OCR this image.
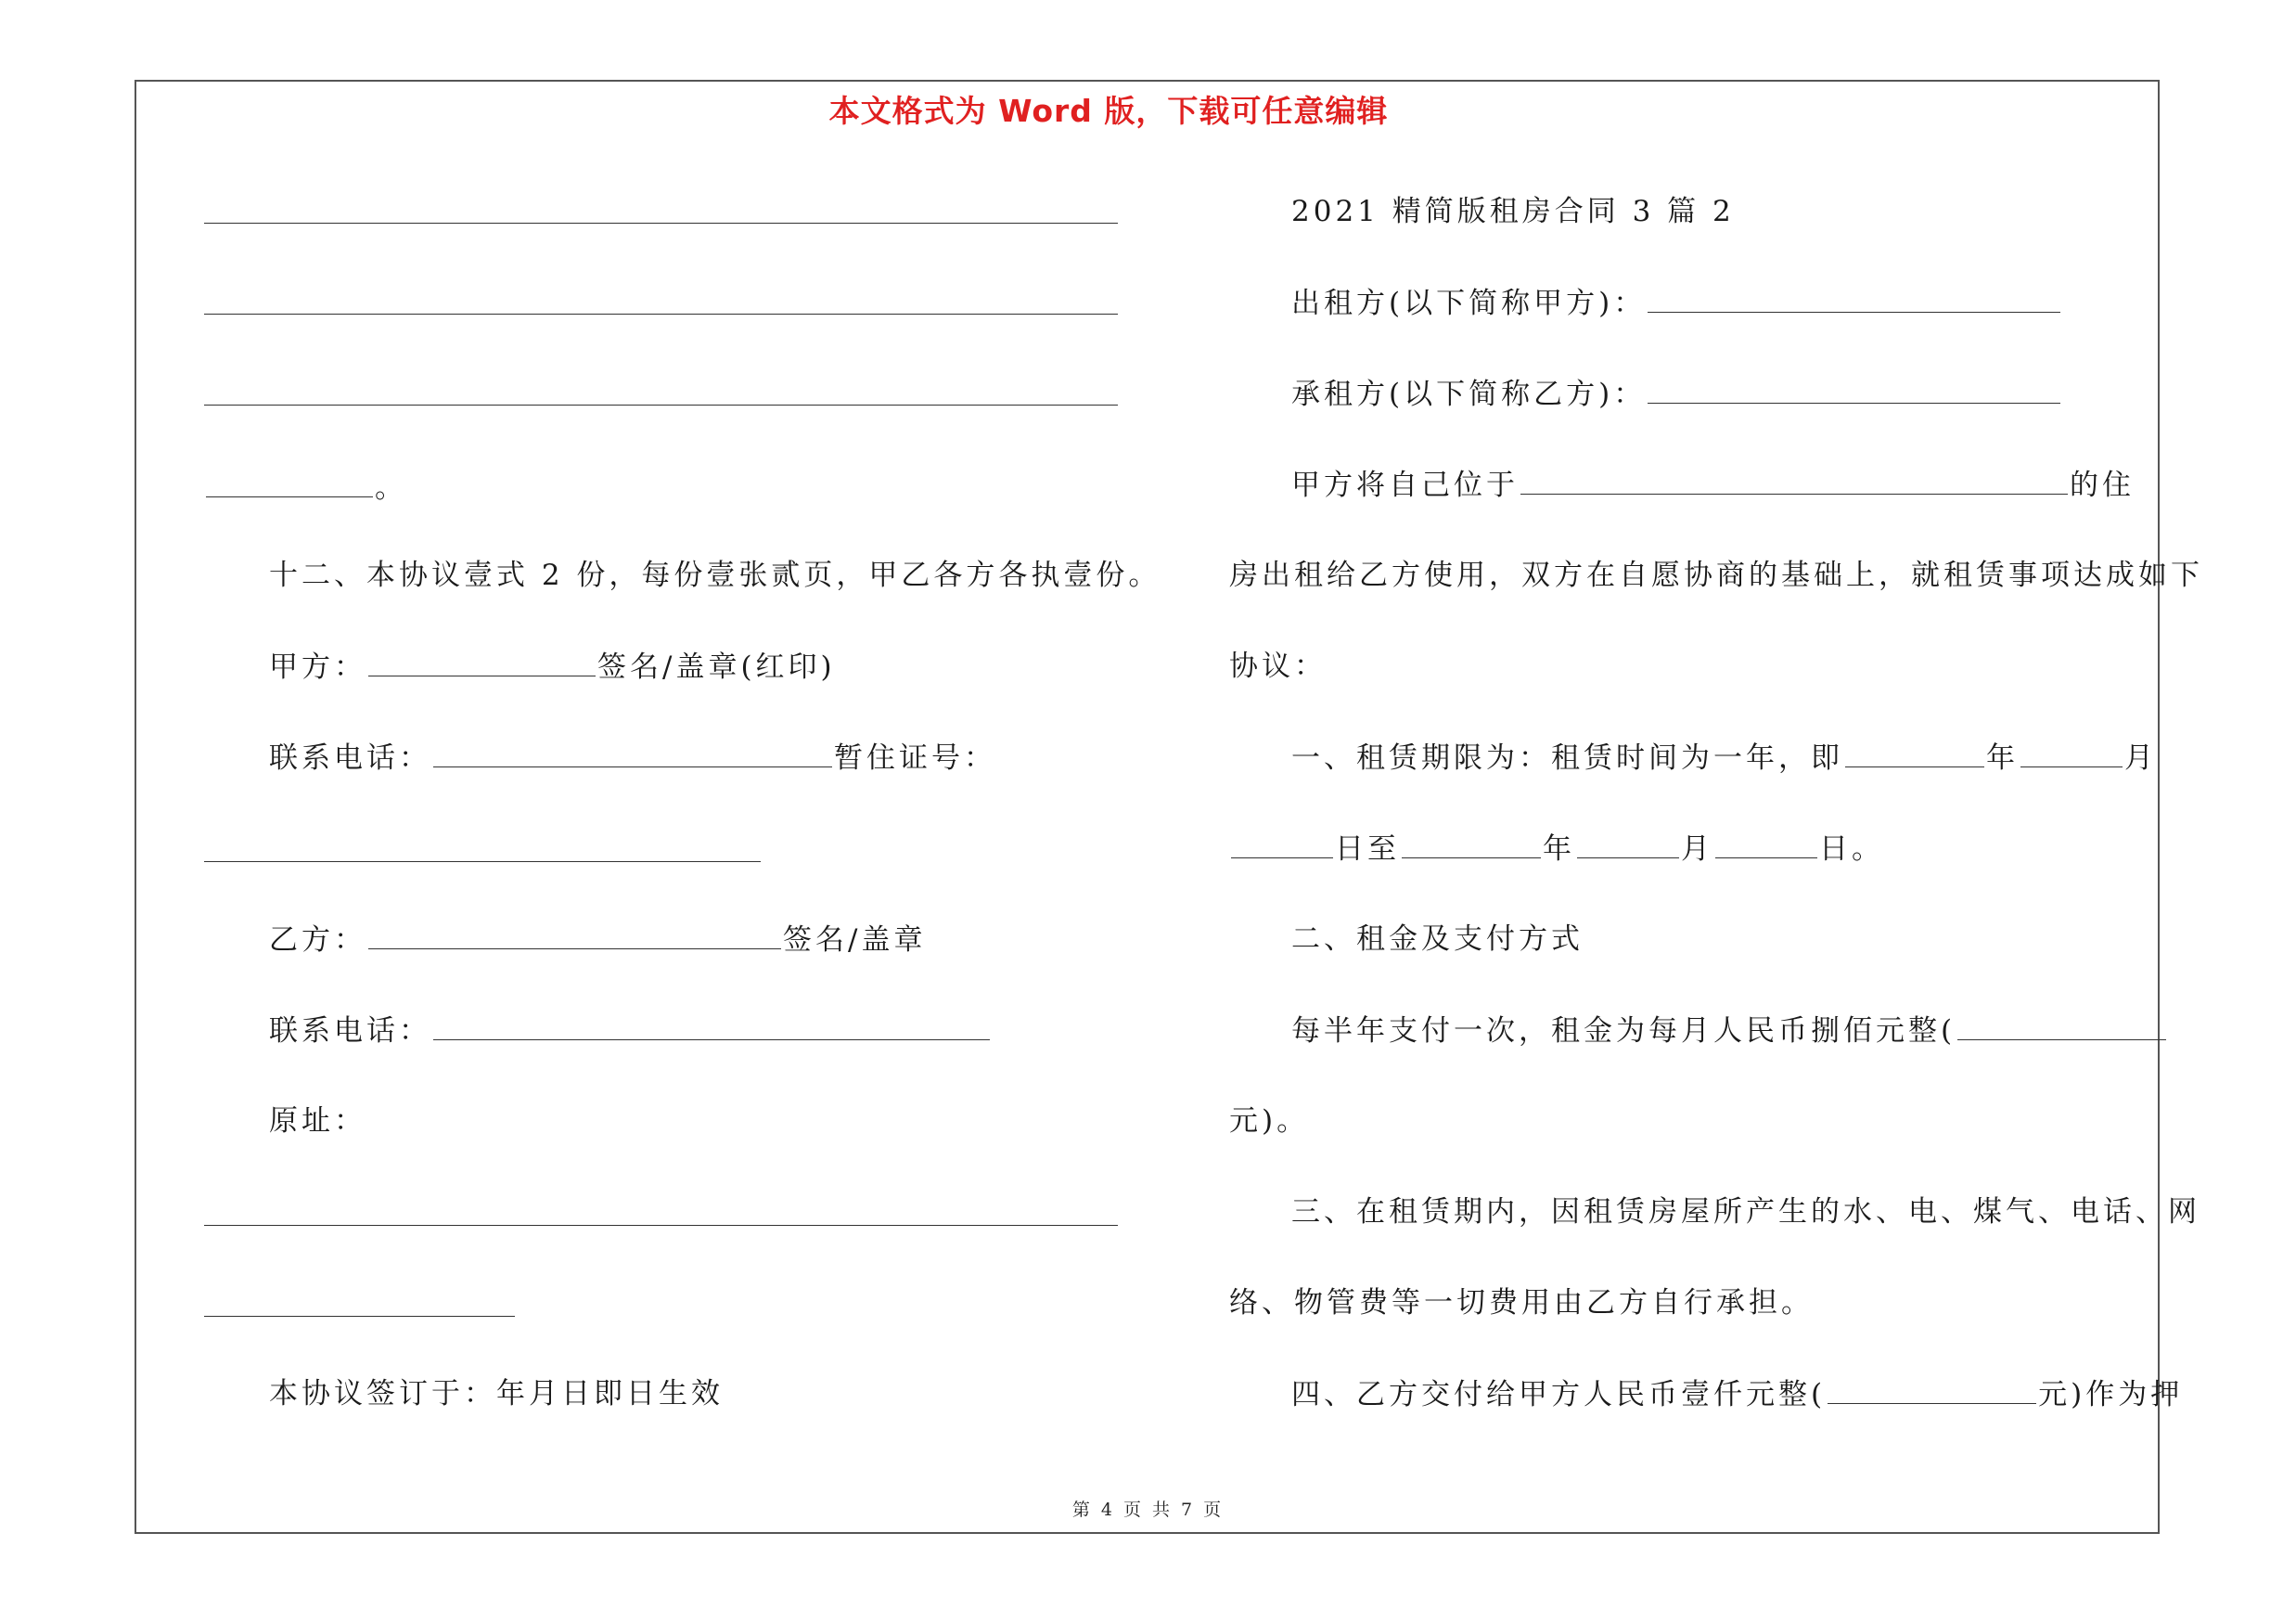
本文格式为 Word 版，下载可任意编辑
。
十二、本协议壹式 2 份，每份壹张贰页，甲乙各方各执壹份。
甲方：	签名/盖章(红印)
联系电话：	暂住证号：
乙方：	签名/盖章
联系电话：
原址：
本协议签订于：年月日即日生效
2021 精简版租房合同 3 篇 2
出租方(以下简称甲方)：
承租方(以下简称乙方)：
甲方将自己位于	的住
房出租给乙方使用，双方在自愿协商的基础上，就租赁事项达成如下
协议：
一、租赁期限为：租赁时间为一年，即	年	月
日至	年	月	日。
二、租金及支付方式
每半年支付一次，租金为每月人民币捌佰元整(
元)。
三、在租赁期内，因租赁房屋所产生的水、电、煤气、电话、网
络、物管费等一切费用由乙方自行承担。
四、乙方交付给甲方人民币壹仟元整(	元)作为押
第 4 页 共 7 页
